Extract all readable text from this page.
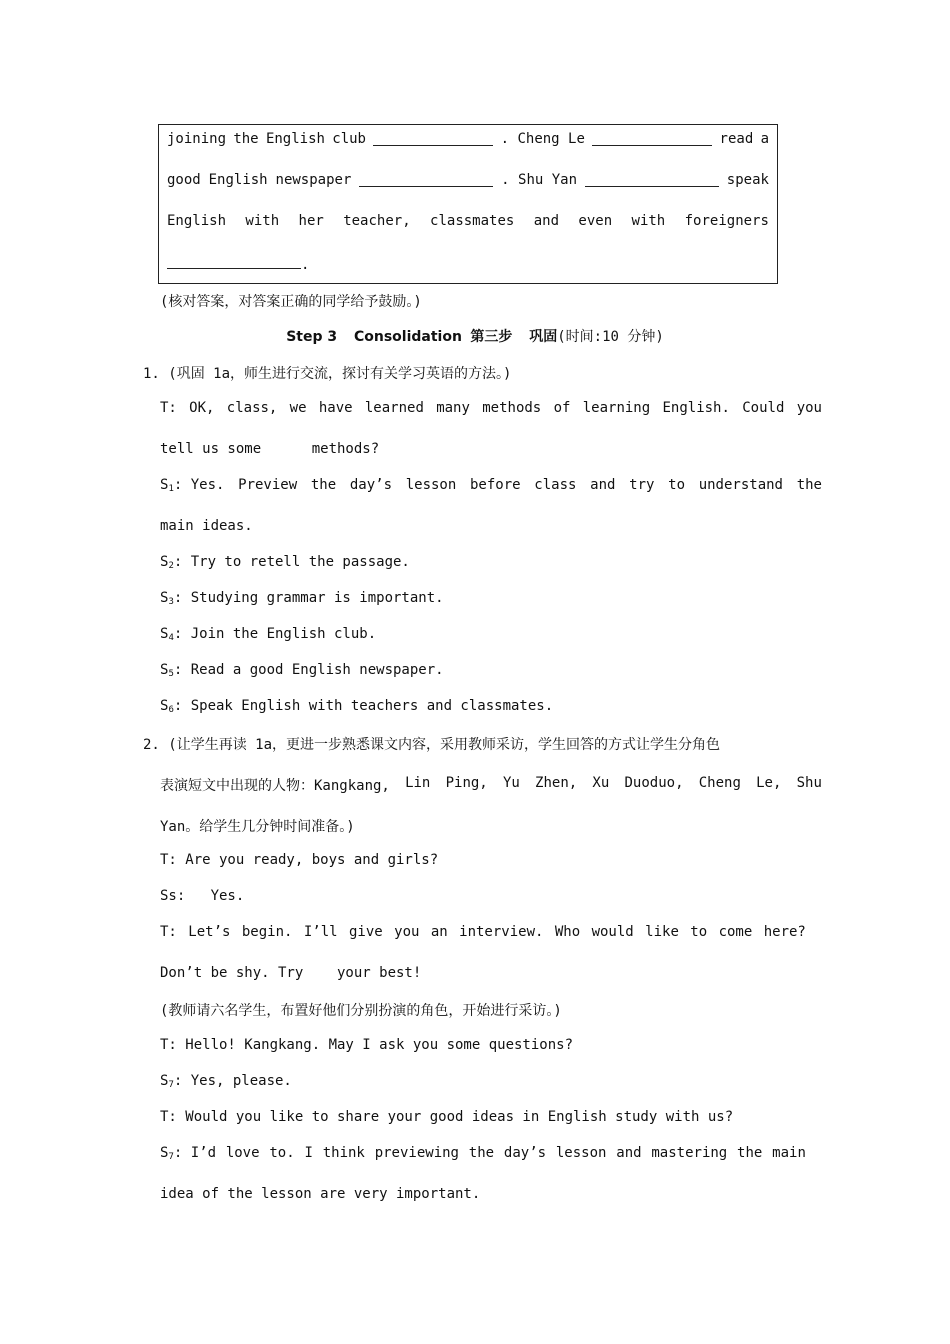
joining the English club	. Cheng Le	read a
good English newspaper	. Shu Yan	speak
English with her teacher, classmates and even with foreigners
.
(核对答案，对答案正确的同学给予鼓励。)
Step 3 Consolidation 第三步 巩固(时间:10 分钟)
1. (巩固 1a，师生进行交流，探讨有关学习英语的方法。)
T: OK, class, we have learned many methods of learning English. Could you
tell us some      methods?
$S_1$: Yes. Preview the day’s lesson before class and try to understand the
main ideas.
$S_2$: Try to retell the passage.
$S_3$: Studying grammar is important.
$S_4$: Join the English club.
$S_5$: Read a good English newspaper.
$S_6$: Speak English with teachers and classmates.
2. (让学生再读 1a，更进一步熟悉课文内容，采用教师采访，学生回答的方式让学生分角色
表演短文中出现的人物：Kangkang, Lin Ping, Yu Zhen, Xu Duoduo, Cheng Le, Shu
Yan。给学生几分钟时间准备。)
T: Are you ready, boys and girls?
Ss:   Yes.
T: Let’s begin. I’ll give you an interview. Who would like to come here?
Don’t be shy. Try    your best!
(教师请六名学生，布置好他们分别扮演的角色，开始进行采访。)
T: Hello! Kangkang. May I ask you some questions?
$S_7$: Yes, please.
T: Would you like to share your good ideas in English study with us?
$S_7$: I’d love to. I think previewing the day’s lesson and mastering the main
idea of the lesson are very important.
